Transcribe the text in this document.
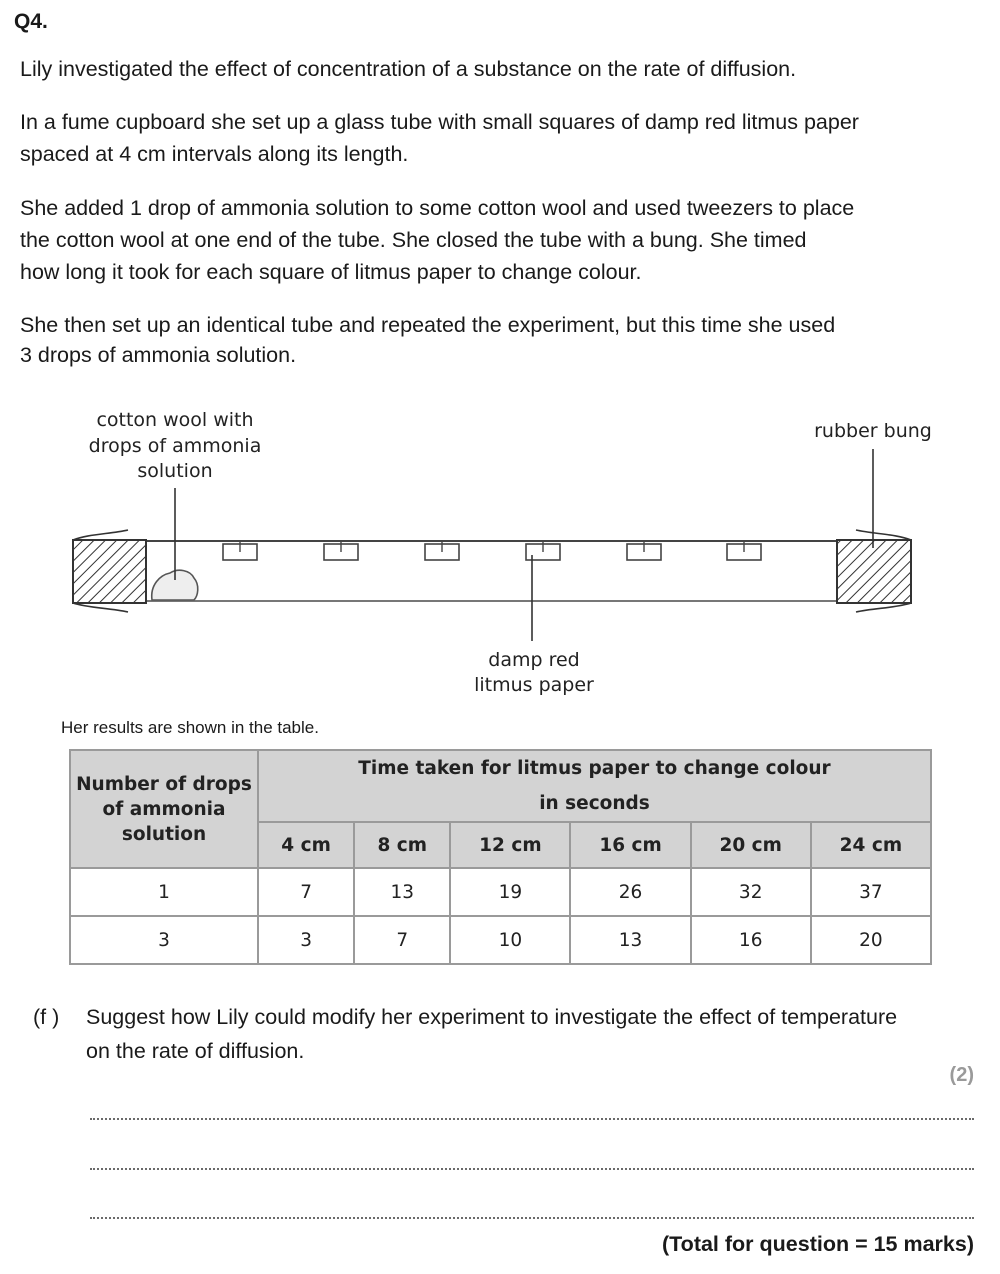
Q4.

Lily investigated the effect of concentration of a substance on the rate of diffusion.

In a fume cupboard she set up a glass tube with small squares of damp red litmus paper
spaced at 4 cm intervals along its length.

She added 1 drop of ammonia solution to some cotton wool and used tweezers to place
the cotton wool at one end of the tube. She closed the tube with a bung. She timed
how long it took for each square of litmus paper to change colour.

She then set up an identical tube and repeated the experiment, but this time she used
3 drops of ammonia solution.

cotton wool with
drops of ammonia
solution
rubber bung
damp red
litmus paper
Her results are shown in the table.
Number of drops
of ammonia
solution	Time taken for litmus paper to change colour
in seconds					
	4 cm	8 cm	12 cm	16 cm	20 cm	24 cm
1	7	13	19	26	32	37
3	3	7	10	13	16	20
(f ) Suggest how Lily could modify her experiment to investigate the effect of temperature
on the rate of diffusion.

(2)
(Total for question = 15 marks)
